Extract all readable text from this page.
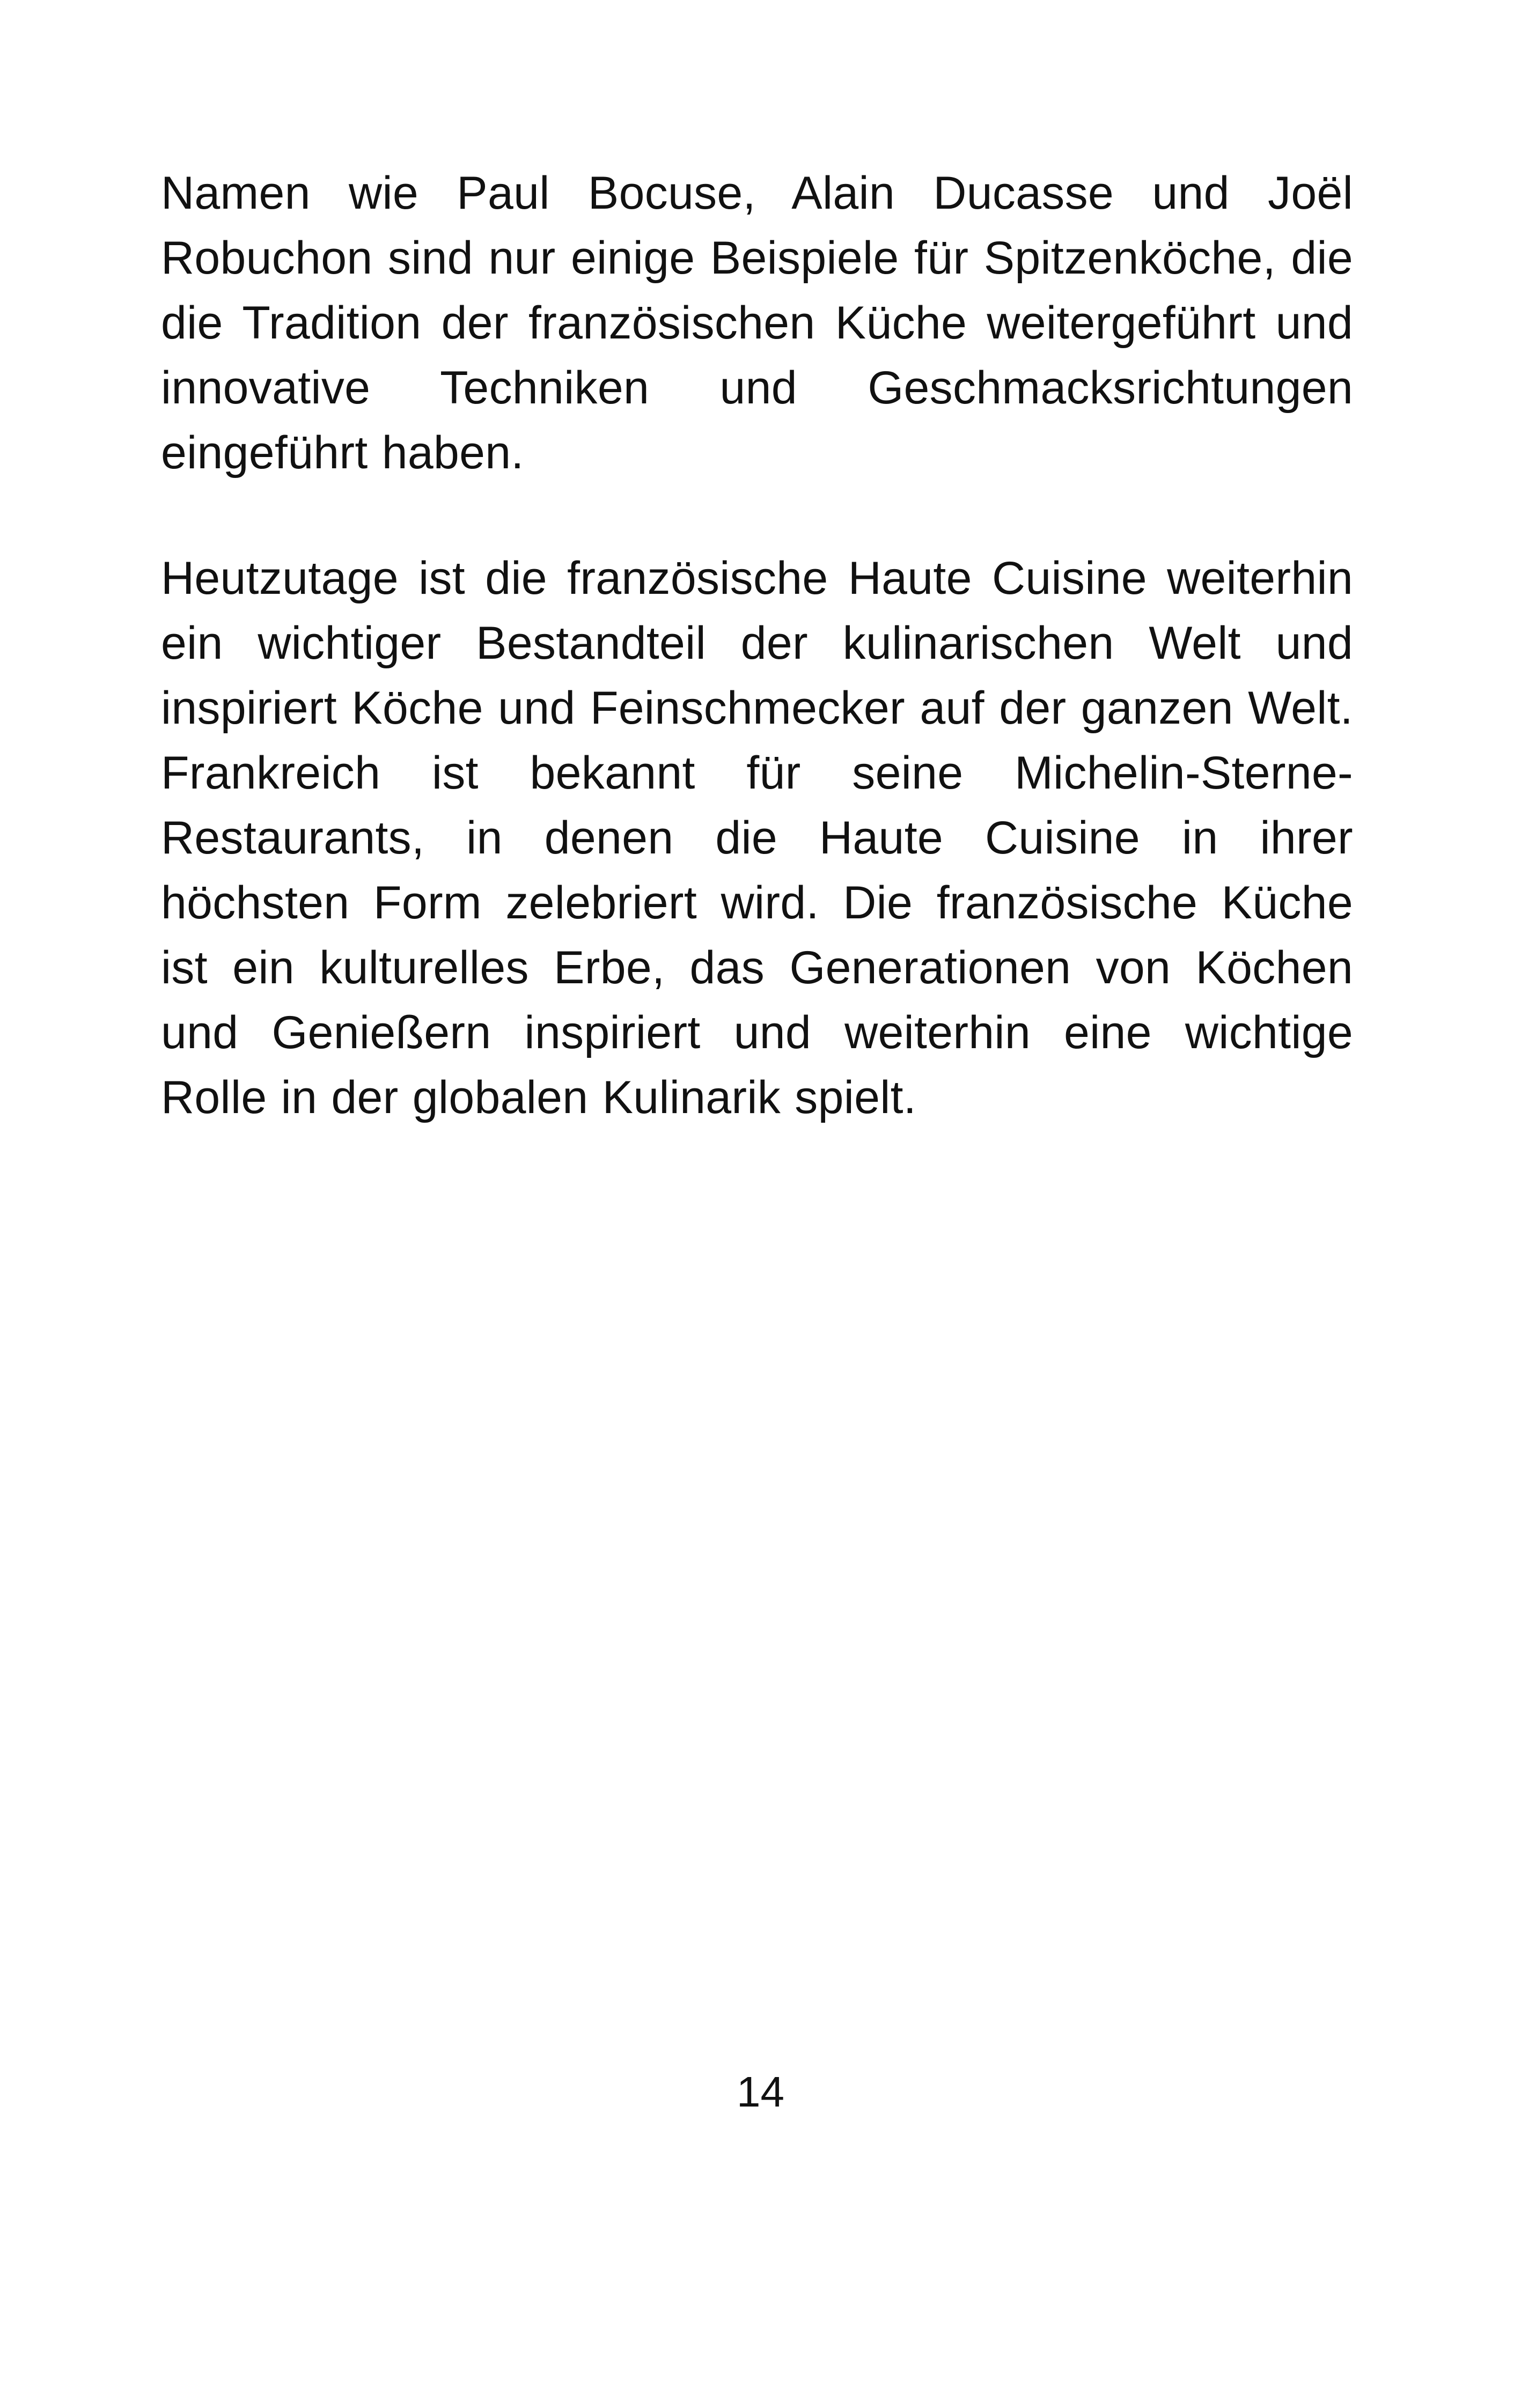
Namen wie Paul Bocuse, Alain Ducasse und Joël Robuchon sind nur einige Beispiele für Spitzenköche, die die Tradition der französischen Küche weitergeführt und innovative Techniken und Geschmacksrichtungen eingeführt haben.

Heutzutage ist die französische Haute Cuisine weiterhin ein wichtiger Bestandteil der kulinarischen Welt und inspiriert Köche und Feinschmecker auf der ganzen Welt. Frankreich ist bekannt für seine Michelin-Sterne-Restaurants, in denen die Haute Cuisine in ihrer höchsten Form zelebriert wird. Die französische Küche ist ein kulturelles Erbe, das Generationen von Köchen und Genießern inspiriert und weiterhin eine wichtige Rolle in der globalen Kulinarik spielt.

14
